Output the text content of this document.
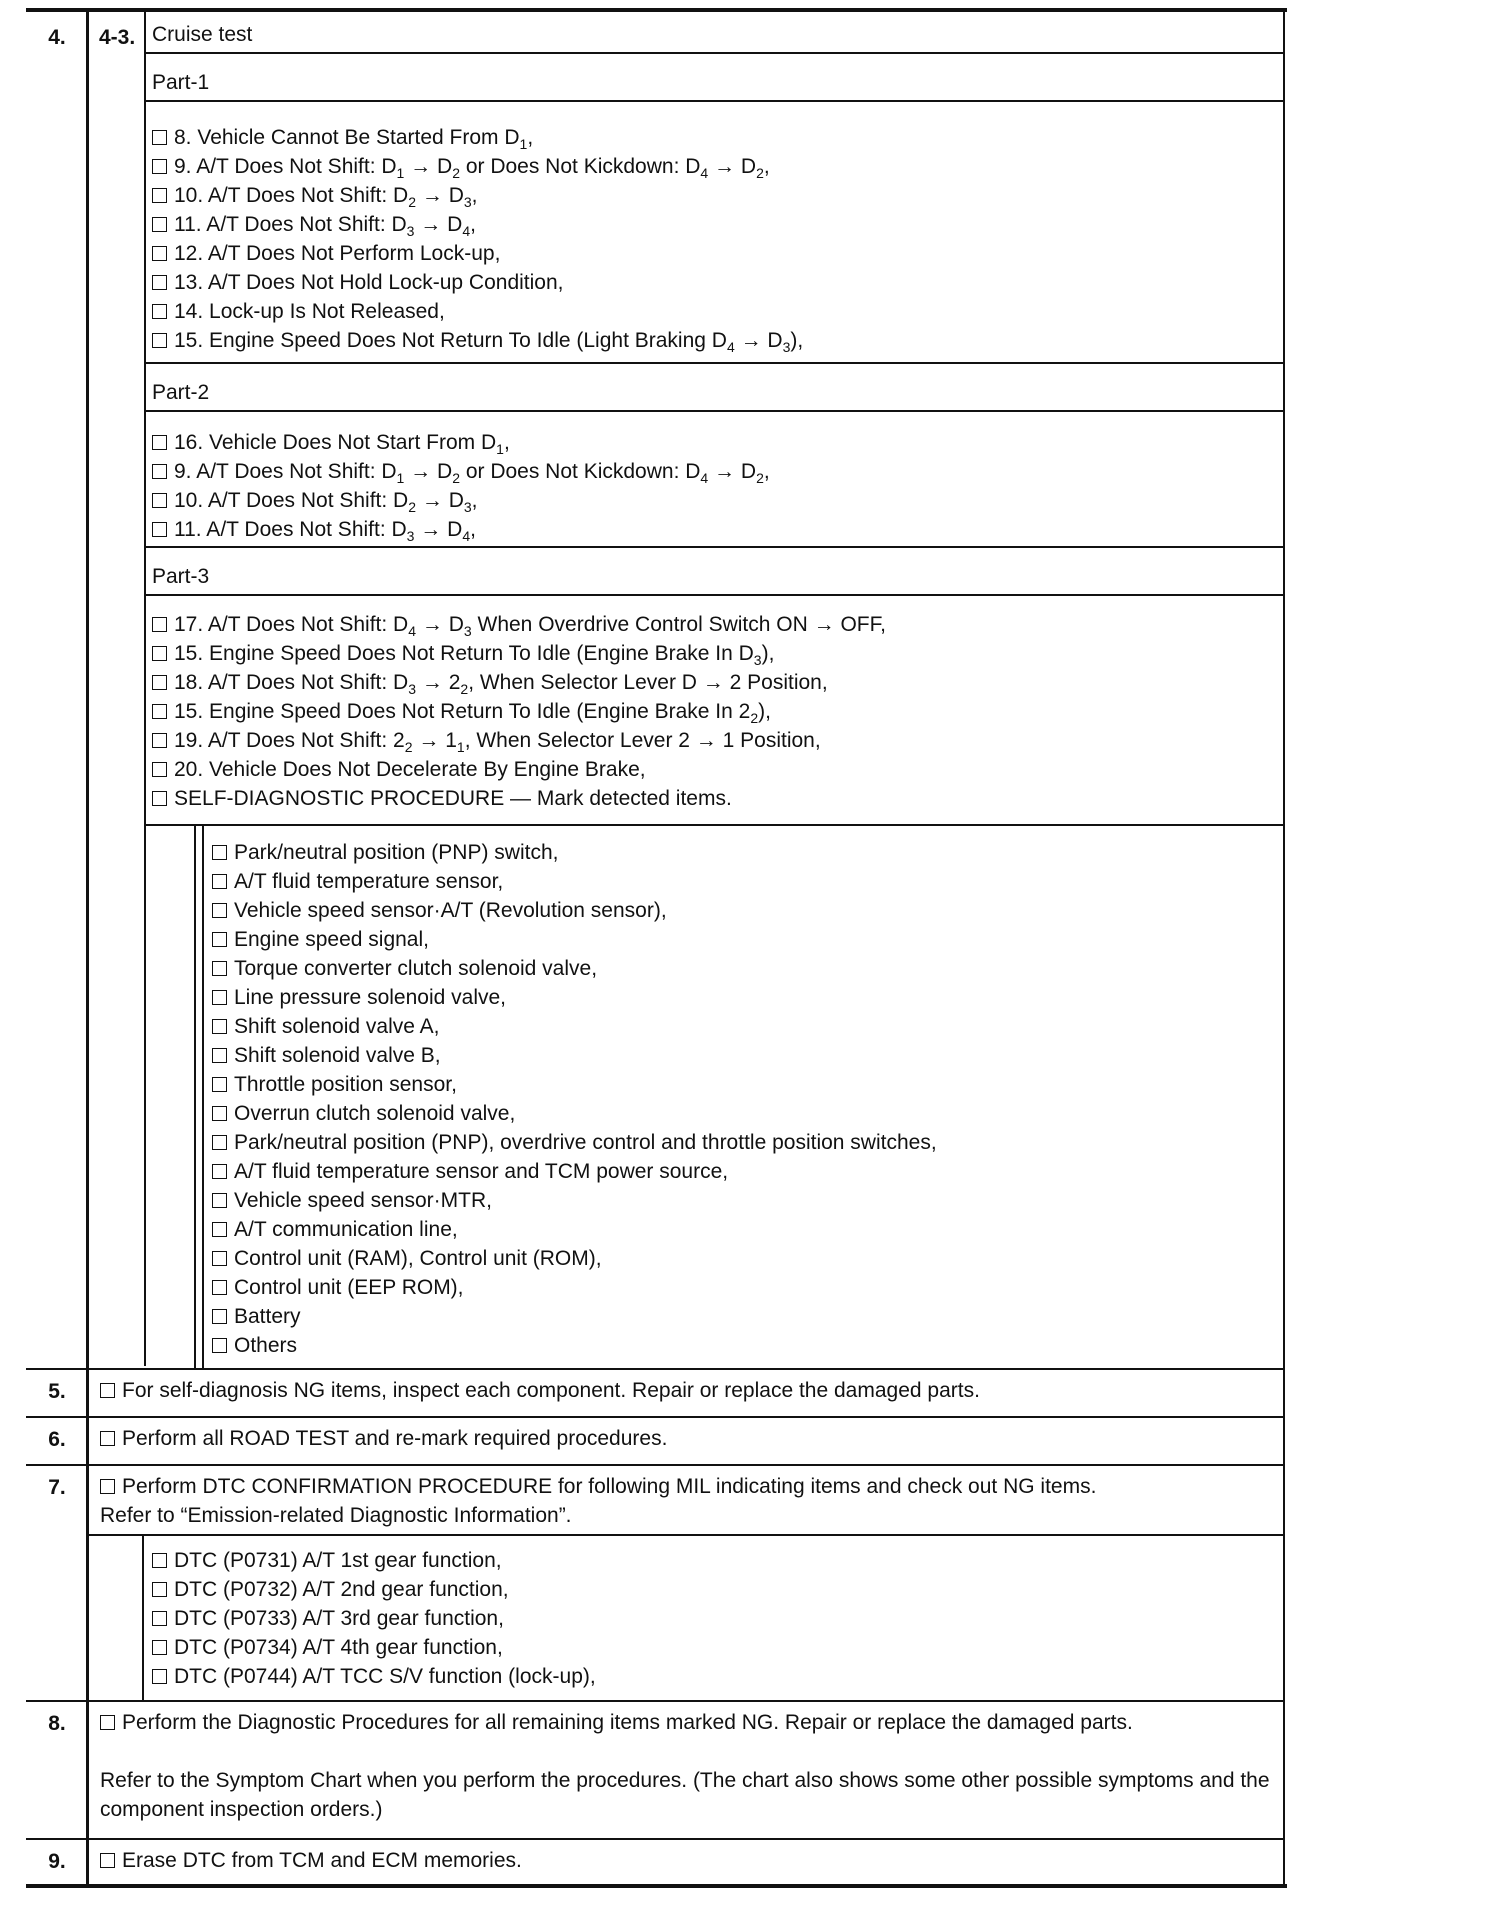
4.	4-3. Cruise test
Part-1
8. Vehicle Cannot Be Started From $D_1$,
9. A/T Does Not Shift: $D_1 \to D_2$ or Does Not Kickdown: $D_4 \to D_2$,
10. A/T Does Not Shift: $D_2 \to D_3$,
11. A/T Does Not Shift: $D_3 \to D_4$,
12. A/T Does Not Perform Lock-up,
13. A/T Does Not Hold Lock-up Condition,
14. Lock-up Is Not Released,
15. Engine Speed Does Not Return To Idle (Light Braking $D_4 \to D_3$),
Part-2
16. Vehicle Does Not Start From $D_1$,
9. A/T Does Not Shift: $D_1 \to D_2$ or Does Not Kickdown: $D_4 \to D_2$,
10. A/T Does Not Shift: $D_2 \to D_3$,
11. A/T Does Not Shift: $D_3 \to D_4$,
Part-3
17. A/T Does Not Shift: $D_4 \to D_3$ When Overdrive Control Switch ON → OFF,
15. Engine Speed Does Not Return To Idle (Engine Brake In $D_3$),
18. A/T Does Not Shift: $D_3 \to 2_2$, When Selector Lever D → 2 Position,
15. Engine Speed Does Not Return To Idle (Engine Brake In $2_2$),
19. A/T Does Not Shift: $2_2 \to 1_1$, When Selector Lever 2 → 1 Position,
20. Vehicle Does Not Decelerate By Engine Brake,
SELF-DIAGNOSTIC PROCEDURE — Mark detected items.
Park/neutral position (PNP) switch,
A/T fluid temperature sensor,
Vehicle speed sensor·A/T (Revolution sensor),
Engine speed signal,
Torque converter clutch solenoid valve,
Line pressure solenoid valve,
Shift solenoid valve A,
Shift solenoid valve B,
Throttle position sensor,
Overrun clutch solenoid valve,
Park/neutral position (PNP), overdrive control and throttle position switches,
A/T fluid temperature sensor and TCM power source,
Vehicle speed sensor·MTR,
A/T communication line,
Control unit (RAM), Control unit (ROM),
Control unit (EEP ROM),
Battery
Others
5.	For self-diagnosis NG items, inspect each component. Repair or replace the damaged parts.
6.	Perform all ROAD TEST and re-mark required procedures.
7.	Perform DTC CONFIRMATION PROCEDURE for following MIL indicating items and check out NG items.
Refer to “Emission-related Diagnostic Information”.
DTC (P0731) A/T 1st gear function,
DTC (P0732) A/T 2nd gear function,
DTC (P0733) A/T 3rd gear function,
DTC (P0734) A/T 4th gear function,
DTC (P0744) A/T TCC S/V function (lock-up),
8.	Perform the Diagnostic Procedures for all remaining items marked NG. Repair or replace the damaged parts.
Refer to the Symptom Chart when you perform the procedures. (The chart also shows some other possible symptoms and the component inspection orders.)
9.	Erase DTC from TCM and ECM memories.
